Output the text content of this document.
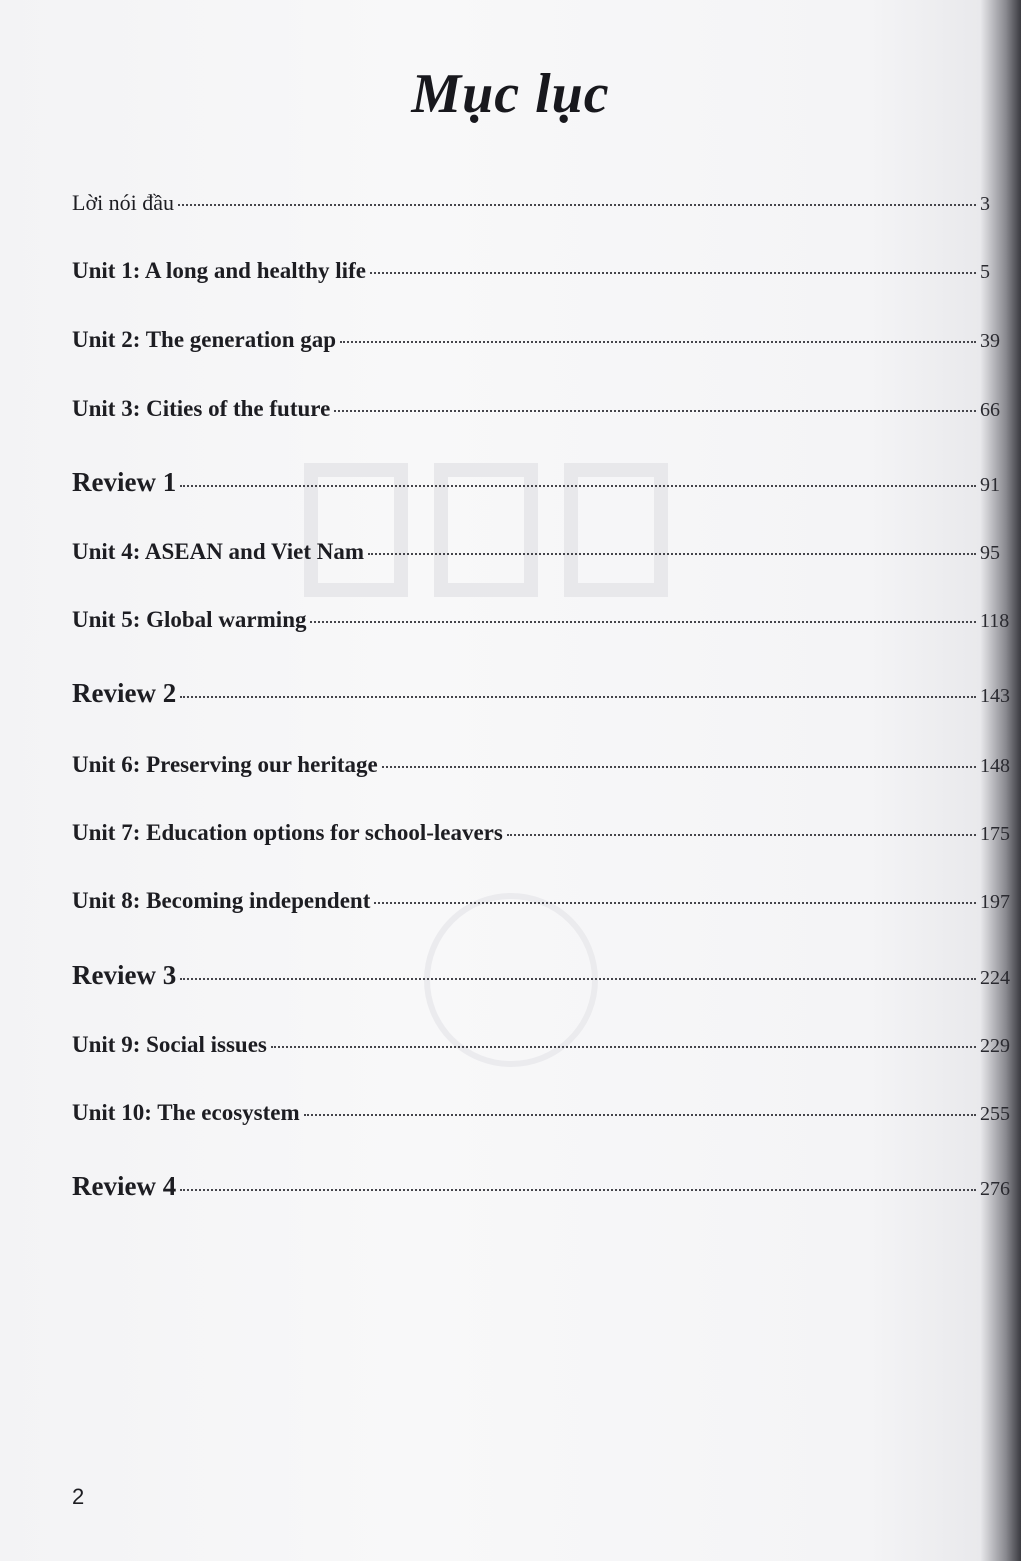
Mục lục
Lời nói đầu	3
Unit 1: A long and healthy life	5
Unit 2: The generation gap	39
Unit 3: Cities of the future	66
Review 1	91
Unit 4: ASEAN and Viet Nam	95
Unit 5: Global warming	118
Review 2	143
Unit 6: Preserving our heritage	148
Unit 7: Education options for school-leavers	175
Unit 8: Becoming independent	197
Review 3	224
Unit 9: Social issues	229
Unit 10: The ecosystem	255
Review 4	276
2
